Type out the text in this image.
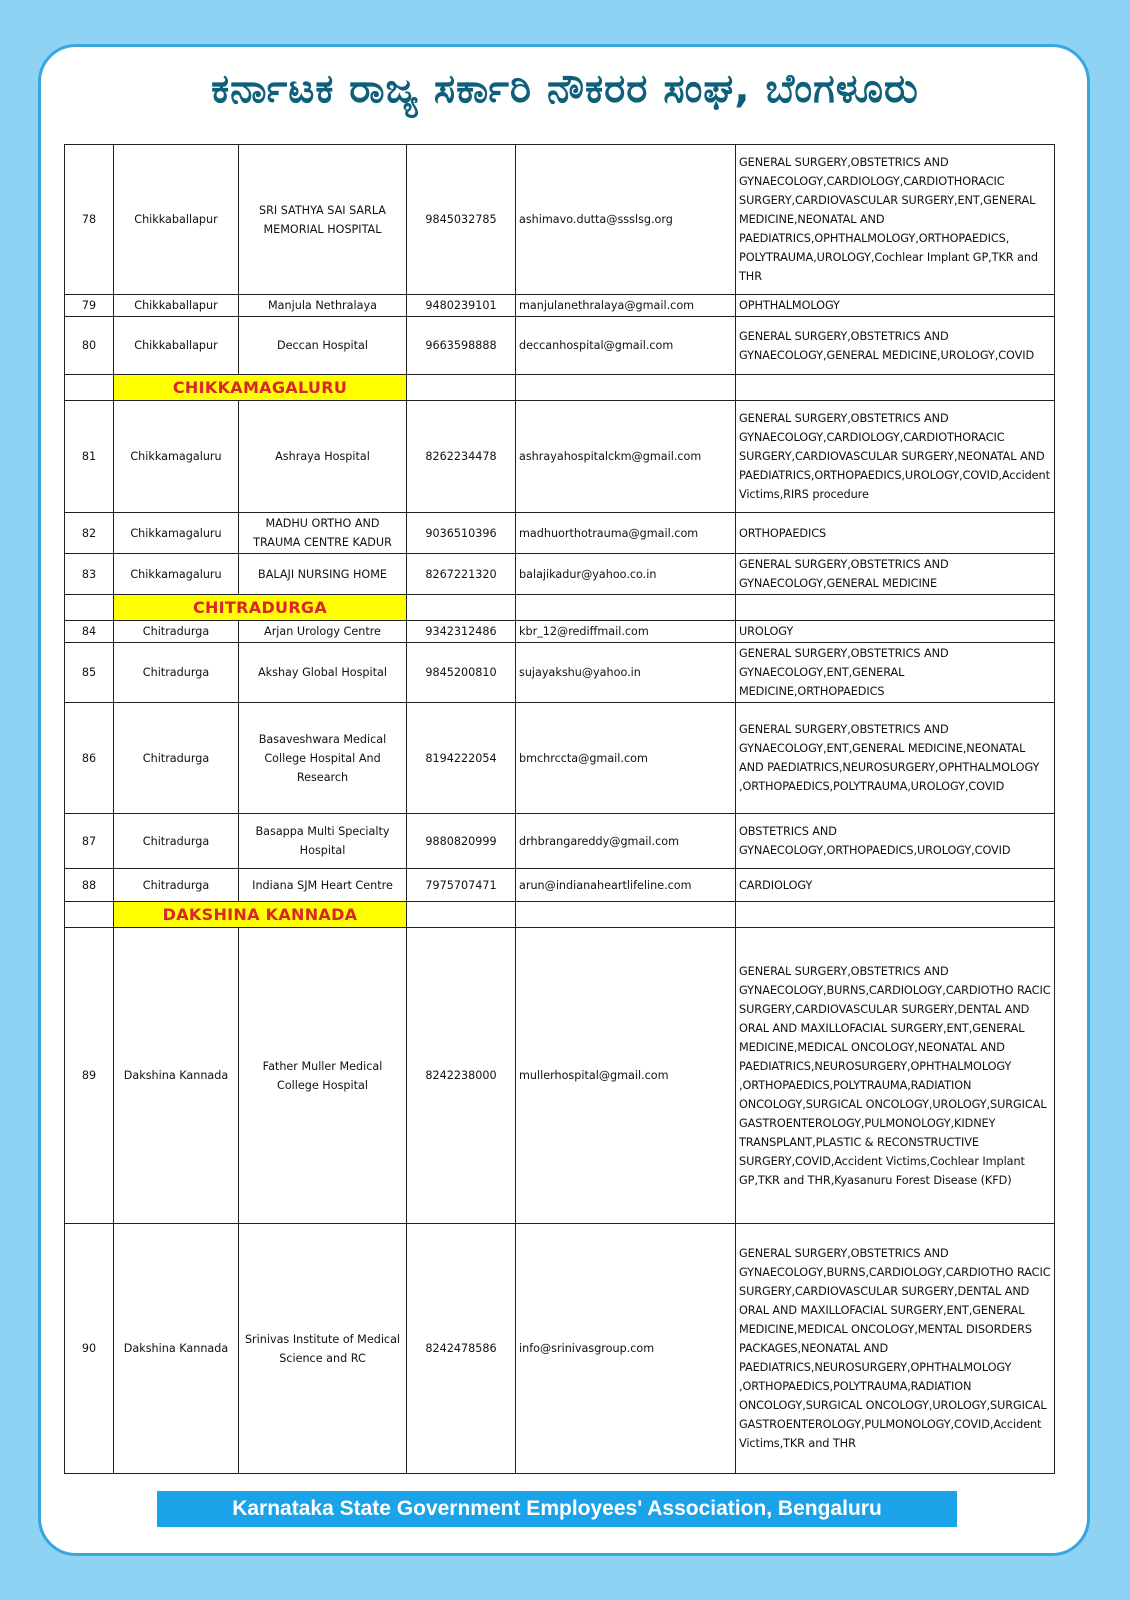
ಕರ್ನಾಟಕ ರಾಜ್ಯ ಸರ್ಕಾರಿ ನೌಕರರ ಸಂಘ, ಬೆಂಗಳೂರು
78	Chikkaballapur	SRI SATHYA SAI SARLA MEMORIAL HOSPITAL	9845032785	ashimavo.dutta@ssslsg.org	GENERAL SURGERY,OBSTETRICS AND GYNAECOLOGY,CARDIOLOGY,CARDIOTHORACIC SURGERY,CARDIOVASCULAR SURGERY,ENT,GENERAL MEDICINE,NEONATAL AND PAEDIATRICS,OPHTHALMOLOGY,ORTHOPAEDICS, POLYTRAUMA,UROLOGY,Cochlear Implant GP,TKR and THR
79	Chikkaballapur	Manjula Nethralaya	9480239101	manjulanethralaya@gmail.com	OPHTHALMOLOGY
80	Chikkaballapur	Deccan Hospital	9663598888	deccanhospital@gmail.com	GENERAL SURGERY,OBSTETRICS AND GYNAECOLOGY,GENERAL MEDICINE,UROLOGY,COVID
	CHIKKAMAGALURU				
81	Chikkamagaluru	Ashraya Hospital	8262234478	ashrayahospitalckm@gmail.com	GENERAL SURGERY,OBSTETRICS AND GYNAECOLOGY,CARDIOLOGY,CARDIOTHORACIC SURGERY,CARDIOVASCULAR SURGERY,NEONATAL AND PAEDIATRICS,ORTHOPAEDICS,UROLOGY,COVID,Accident Victims,RIRS procedure
82	Chikkamagaluru	MADHU ORTHO AND TRAUMA CENTRE KADUR	9036510396	madhuorthotrauma@gmail.com	ORTHOPAEDICS
83	Chikkamagaluru	BALAJI NURSING HOME	8267221320	balajikadur@yahoo.co.in	GENERAL SURGERY,OBSTETRICS AND GYNAECOLOGY,GENERAL MEDICINE
	CHITRADURGA				
84	Chitradurga	Arjan Urology Centre	9342312486	kbr_12@rediffmail.com	UROLOGY
85	Chitradurga	Akshay Global Hospital	9845200810	sujayakshu@yahoo.in	GENERAL SURGERY,OBSTETRICS AND GYNAECOLOGY,ENT,GENERAL MEDICINE,ORTHOPAEDICS
86	Chitradurga	Basaveshwara Medical College Hospital And Research	8194222054	bmchrccta@gmail.com	GENERAL SURGERY,OBSTETRICS AND GYNAECOLOGY,ENT,GENERAL MEDICINE,NEONATAL AND PAEDIATRICS,NEUROSURGERY,OPHTHALMOLOGY ,ORTHOPAEDICS,POLYTRAUMA,UROLOGY,COVID
87	Chitradurga	Basappa Multi Specialty Hospital	9880820999	drhbrangareddy@gmail.com	OBSTETRICS AND GYNAECOLOGY,ORTHOPAEDICS,UROLOGY,COVID
88	Chitradurga	Indiana SJM Heart Centre	7975707471	arun@indianaheartlifeline.com	CARDIOLOGY
	DAKSHINA KANNADA				
89	Dakshina Kannada	Father Muller Medical College Hospital	8242238000	mullerhospital@gmail.com	GENERAL SURGERY,OBSTETRICS AND GYNAECOLOGY,BURNS,CARDIOLOGY,CARDIOTHO RACIC SURGERY,CARDIOVASCULAR SURGERY,DENTAL AND ORAL AND MAXILLOFACIAL SURGERY,ENT,GENERAL MEDICINE,MEDICAL ONCOLOGY,NEONATAL AND PAEDIATRICS,NEUROSURGERY,OPHTHALMOLOGY ,ORTHOPAEDICS,POLYTRAUMA,RADIATION ONCOLOGY,SURGICAL ONCOLOGY,UROLOGY,SURGICAL GASTROENTEROLOGY,PULMONOLOGY,KIDNEY TRANSPLANT,PLASTIC & RECONSTRUCTIVE SURGERY,COVID,Accident Victims,Cochlear Implant GP,TKR and THR,Kyasanuru Forest Disease (KFD)
90	Dakshina Kannada	Srinivas Institute of Medical Science and RC	8242478586	info@srinivasgroup.com	GENERAL SURGERY,OBSTETRICS AND GYNAECOLOGY,BURNS,CARDIOLOGY,CARDIOTHO RACIC SURGERY,CARDIOVASCULAR SURGERY,DENTAL AND ORAL AND MAXILLOFACIAL SURGERY,ENT,GENERAL MEDICINE,MEDICAL ONCOLOGY,MENTAL DISORDERS PACKAGES,NEONATAL AND PAEDIATRICS,NEUROSURGERY,OPHTHALMOLOGY ,ORTHOPAEDICS,POLYTRAUMA,RADIATION ONCOLOGY,SURGICAL ONCOLOGY,UROLOGY,SURGICAL GASTROENTEROLOGY,PULMONOLOGY,COVID,Accident Victims,TKR and THR
Karnataka State Government Employees' Association, Bengaluru
